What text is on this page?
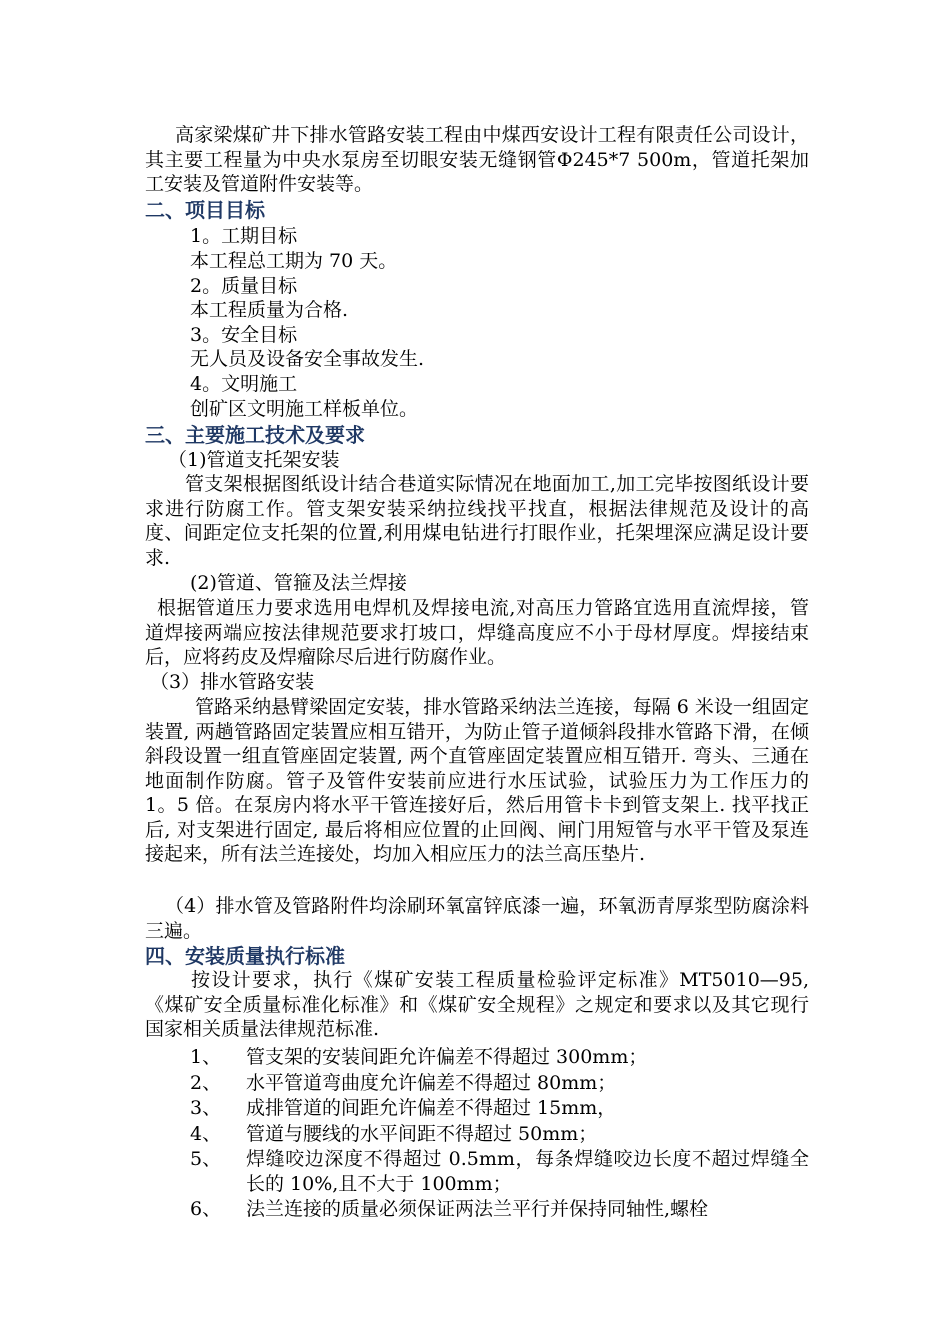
高家梁煤矿井下排水管路安装工程由中煤西安设计工程有限责任公司设计，其主要工程量为中央水泵房至切眼安装无缝钢管Φ245*7 500m，管道托架加工安装及管道附件安装等。

二、项目目标
1。工期目标
本工程总工期为 70 天。
2。质量目标
本工程质量为合格.
3。安全目标
无人员及设备安全事故发生.
4。文明施工
创矿区文明施工样板单位。
三、主要施工技术及要求
（1)管道支托架安装

管支架根据图纸设计结合巷道实际情况在地面加工,加工完毕按图纸设计要求进行防腐工作。管支架安装采纳拉线找平找直，根据法律规范及设计的高度、间距定位支托架的位置,利用煤电钻进行打眼作业，托架埋深应满足设计要求.

(2)管道、管箍及法兰焊接

根据管道压力要求选用电焊机及焊接电流,对高压力管路宜选用直流焊接，管道焊接两端应按法律规范要求打坡口，焊缝高度应不小于母材厚度。焊接结束后，应将药皮及焊瘤除尽后进行防腐作业。

（3）排水管路安装

管路采纳悬臂梁固定安装，排水管路采纳法兰连接，每隔 6 米设一组固定装置, 两趟管路固定装置应相互错开，为防止管子道倾斜段排水管路下滑，在倾斜段设置一组直管座固定装置, 两个直管座固定装置应相互错开. 弯头、三通在地面制作防腐。管子及管件安装前应进行水压试验，试验压力为工作压力的 1。5 倍。在泵房内将水平干管连接好后，然后用管卡卡到管支架上. 找平找正后, 对支架进行固定, 最后将相应位置的止回阀、闸门用短管与水平干管及泵连接起来，所有法兰连接处，均加入相应压力的法兰高压垫片.

（4）排水管及管路附件均涂刷环氧富锌底漆一遍，环氧沥青厚浆型防腐涂料三遍。

四、安装质量执行标准

按设计要求，执行《煤矿安装工程质量检验评定标准》MT5010—95,《煤矿安全质量标准化标准》和《煤矿安全规程》之规定和要求以及其它现行国家相关质量法律规范标准.

1、 管支架的安装间距允许偏差不得超过 300mm；

2、 水平管道弯曲度允许偏差不得超过 80mm；

3、 成排管道的间距允许偏差不得超过 15mm，

4、 管道与腰线的水平间距不得超过 50mm；

5、 焊缝咬边深度不得超过 0.5mm，每条焊缝咬边长度不超过焊缝全长的 10%,且不大于 100mm；

6、 法兰连接的质量必须保证两法兰平行并保持同轴性,螺栓
